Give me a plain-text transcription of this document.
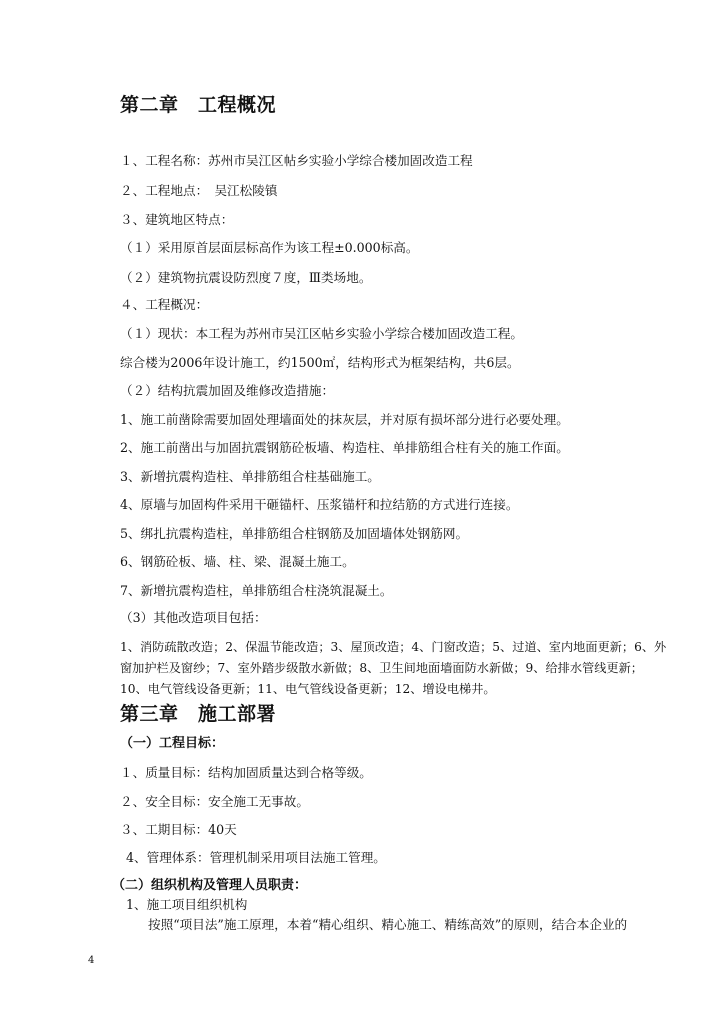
第二章　工程概况
１、工程名称：苏州市吴江区帖乡实验小学综合楼加固改造工程
２、工程地点：　吴江松陵镇
３、建筑地区特点：
（１）采用原首层面层标高作为该工程±0.000标高。
（２）建筑物抗震设防烈度７度，Ⅲ类场地。
４、工程概况：
（１）现状：本工程为苏州市吴江区帖乡实验小学综合楼加固改造工程。
综合楼为2006年设计施工，约1500㎡，结构形式为框架结构，共6层。
（２）结构抗震加固及维修改造措施：
1、施工前凿除需要加固处理墙面处的抹灰层，并对原有损坏部分进行必要处理。
2、施工前凿出与加固抗震钢筋砼板墙、构造柱、单排筋组合柱有关的施工作面。
3、新增抗震构造柱、单排筋组合柱基础施工。
4、原墙与加固构件采用干砸锚杆、压浆锚杆和拉结筋的方式进行连接。
5、绑扎抗震构造柱，单排筋组合柱钢筋及加固墙体处钢筋网。
6、钢筋砼板、墙、柱、梁、混凝土施工。
7、新增抗震构造柱，单排筋组合柱浇筑混凝土。
（3）其他改造项目包括：
1、消防疏散改造；2、保温节能改造；3、屋顶改造；4、门窗改造；5、过道、室内地面更新；6、外
窗加护栏及窗纱；7、室外踏步级散水新做；8、卫生间地面墙面防水新做；9、给排水管线更新；
10、电气管线设备更新；11、电气管线设备更新；12、增设电梯井。
第三章　施工部署
（一）工程目标：
１、质量目标：结构加固质量达到合格等级。
２、安全目标：安全施工无事故。
３、工期目标：40天
4、管理体系：管理机制采用项目法施工管理。
（二）组织机构及管理人员职责：
1、施工项目组织机构
按照“项目法”施工原理，本着“精心组织、精心施工、精练高效”的原则，结合本企业的
4
